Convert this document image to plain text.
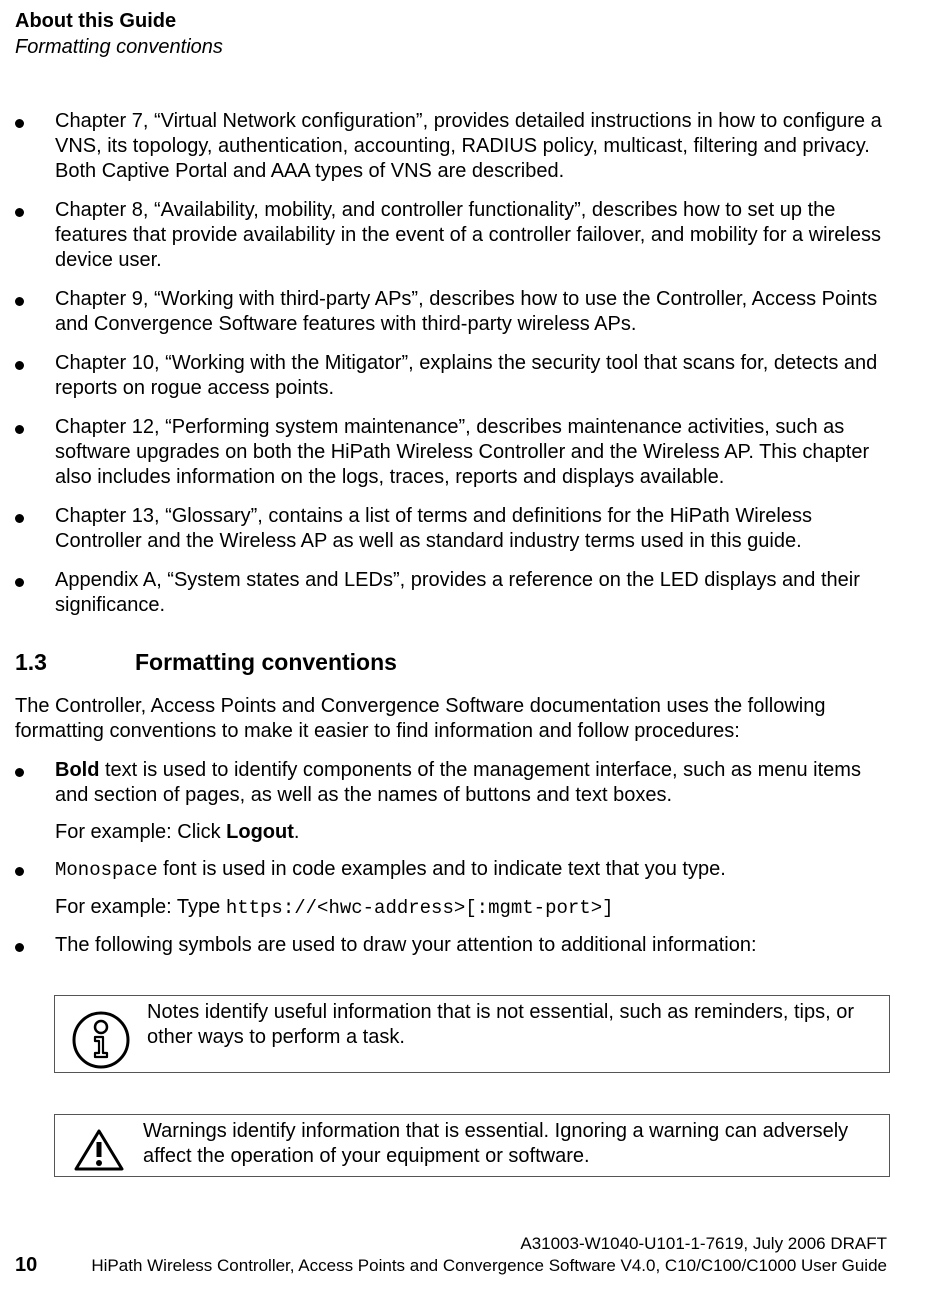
About this Guide
Formatting conventions
Chapter 7, “Virtual Network configuration”, provides detailed instructions in how to configure a VNS, its topology, authentication, accounting, RADIUS policy, multicast, filtering and privacy. Both Captive Portal and AAA types of VNS are described.
Chapter 8, “Availability, mobility, and controller functionality”, describes how to set up the features that provide availability in the event of a controller failover, and mobility for a wireless device user.
Chapter 9, “Working with third-party APs”, describes how to use the Controller, Access Points and Convergence Software features with third-party wireless APs.
Chapter 10, “Working with the Mitigator”, explains the security tool that scans for, detects and reports on rogue access points.
Chapter 12, “Performing system maintenance”, describes maintenance activities, such as software upgrades on both the HiPath Wireless Controller and the Wireless AP. This chapter also includes information on the logs, traces, reports and displays available.
Chapter 13, “Glossary”, contains a list of terms and definitions for the HiPath Wireless Controller and the Wireless AP as well as standard industry terms used in this guide.
Appendix A, “System states and LEDs”, provides a reference on the LED displays and their significance.
1.3	Formatting conventions

The Controller, Access Points and Convergence Software documentation uses the following formatting conventions to make it easier to find information and follow procedures:

Bold text is used to identify components of the management interface, such as menu items and section of pages, as well as the names of buttons and text boxes.
For example: Click Logout.
Monospace font is used in code examples and to indicate text that you type.
For example: Type https://<hwc-address>[:mgmt-port>]
The following symbols are used to draw your attention to additional information:
Notes identify useful information that is not essential, such as reminders, tips, or other ways to perform a task.
Warnings identify information that is essential. Ignoring a warning can adversely affect the operation of your equipment or software.
A31003-W1040-U101-1-7619, July 2006 DRAFT
10	HiPath Wireless Controller, Access Points and Convergence Software V4.0, C10/C100/C1000 User Guide
